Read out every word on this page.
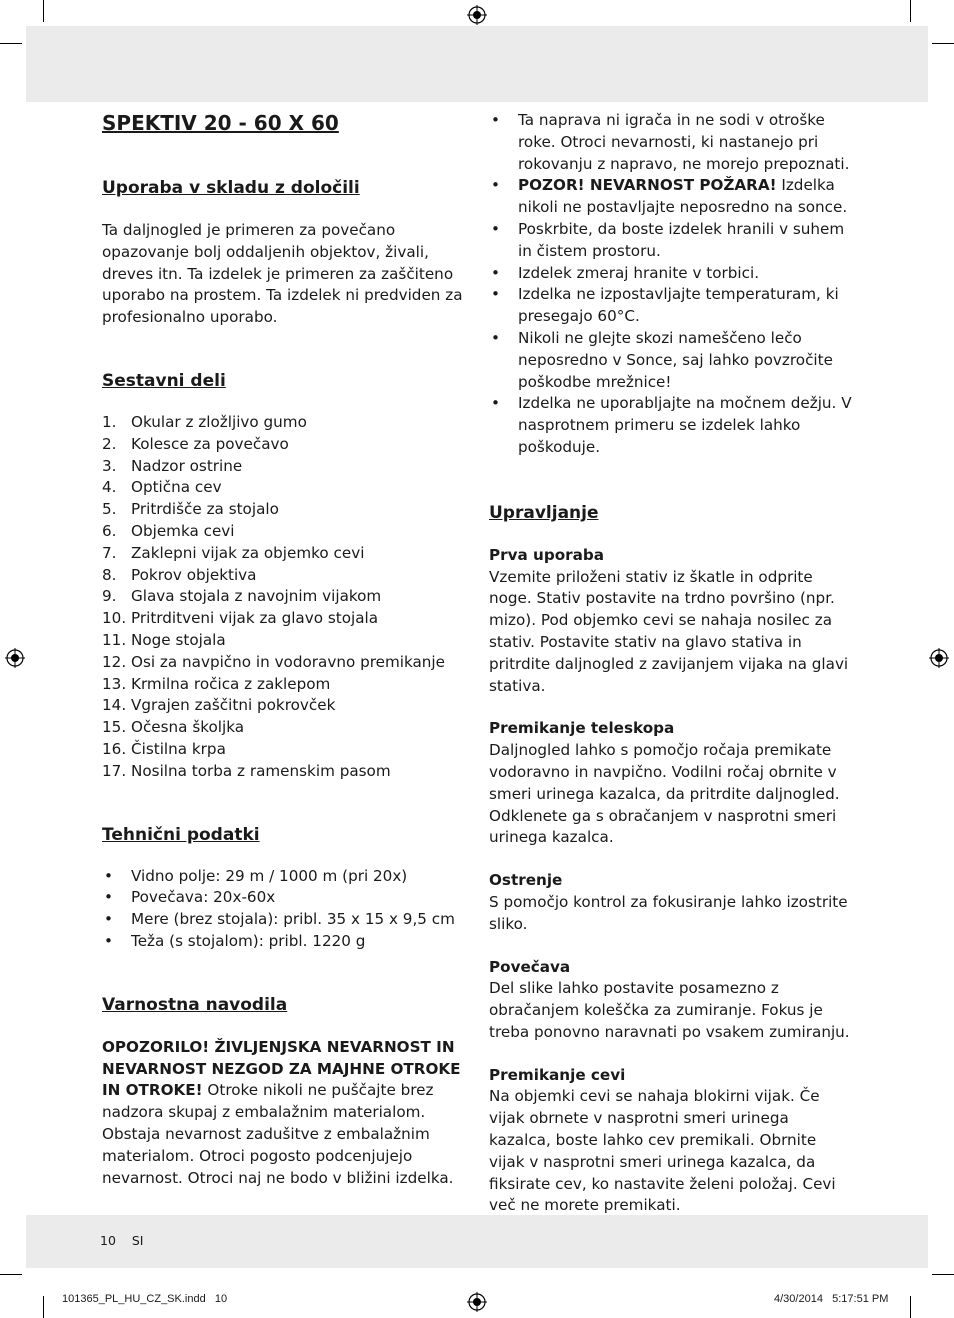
SPEKTIV 20 - 60 X 60
Uporaba v skladu z določili

Ta daljnogled je primeren za povečano opazovanje bolj oddaljenih objektov, živali, dreves itn. Ta izdelek je primeren za zaščiteno uporabo na prostem. Ta izdelek ni predviden za profesionalno uporabo.

Sestavni deli
1. Okular z zložljivo gumo
2. Kolesce za povečavo
3. Nadzor ostrine
4. Optična cev
5. Pritrdišče za stojalo
6. Objemka cevi
7. Zaklepni vijak za objemko cevi
8. Pokrov objektiva
9. Glava stojala z navojnim vijakom
10. Pritrditveni vijak za glavo stojala
11. Noge stojala
12. Osi za navpično in vodoravno premikanje
13. Krmilna ročica z zaklepom
14. Vgrajen zaščitni pokrovček
15. Očesna školjka
16. Čistilna krpa
17. Nosilna torba z ramenskim pasom
Tehnični podatki
•	Vidno polje: 29 m / 1000 m (pri 20x)
•	Povečava: 20x-60x
•	Mere (brez stojala): pribl. 35 x 15 x 9,5 cm
•	Teža (s stojalom): pribl. 1220 g
Varnostna navodila

OPOZORILO! ŽIVLJENJSKA NEVARNOST IN NEVARNOST NEZGOD ZA MAJHNE OTROKE IN OTROKE! Otroke nikoli ne puščajte brez nadzora skupaj z embalažnim materialom. Obstaja nevarnost zadušitve z embalažnim materialom. Otroci pogosto podcenjujejo nevarnost. Otroci naj ne bodo v bližini izdelka.

•	Ta naprava ni igrača in ne sodi v otroške roke. Otroci nevarnosti, ki nastanejo pri rokovanju z napravo, ne morejo prepoznati.
•	POZOR! NEVARNOST POŽARA! Izdelka nikoli ne postavljajte neposredno na sonce.
•	Poskrbite, da boste izdelek hranili v suhem in čistem prostoru.
•	Izdelek zmeraj hranite v torbici.
•	Izdelka ne izpostavljajte temperaturam, ki presegajo 60°C.
•	Nikoli ne glejte skozi nameščeno lečo neposredno v Sonce, saj lahko povzročite poškodbe mrežnice!
•	Izdelka ne uporabljajte na močnem dežju. V nasprotnem primeru se izdelek lahko poškoduje.
Upravljanje
Prva uporaba

Vzemite priloženi stativ iz škatle in odprite noge. Stativ postavite na trdno površino (npr. mizo). Pod objemko cevi se nahaja nosilec za stativ. Postavite stativ na glavo stativa in pritrdite daljnogled z zavijanjem vijaka na glavi stativa.

Premikanje teleskopa

Daljnogled lahko s pomočjo ročaja premikate vodoravno in navpično. Vodilni ročaj obrnite v smeri urinega kazalca, da pritrdite daljnogled. Odklenete ga s obračanjem v nasprotni smeri urinega kazalca.

Ostrenje

S pomočjo kontrol za fokusiranje lahko izostrite sliko.

Povečava

Del slike lahko postavite posamezno z obračanjem koleščka za zumiranje. Fokus je treba ponovno naravnati po vsakem zumiranju.

Premikanje cevi

Na objemki cevi se nahaja blokirni vijak. Če vijak obrnete v nasprotni smeri urinega kazalca, boste lahko cev premikali. Obrnite vijak v nasprotni smeri urinega kazalca, da fiksirate cev, ko nastavite želeni položaj. Cevi več ne morete premikati.

10 SI
101365_PL_HU_CZ_SK.indd   10	4/30/2014   5:17:51 PM
